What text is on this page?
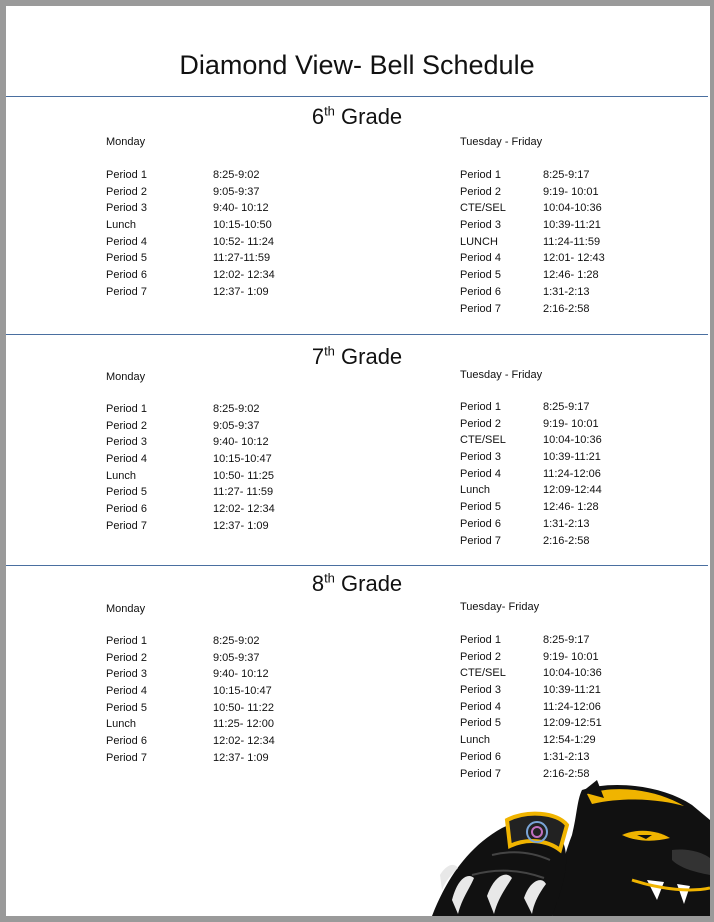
Diamond View- Bell Schedule
6th Grade
Monday	Tuesday - Friday
Period 1	8:25-9:02
Period 2	9:05-9:37
Period 3	9:40- 10:12
Lunch	10:15-10:50
Period 4	10:52- 11:24
Period 5	11:27-11:59
Period 6	12:02- 12:34
Period 7	12:37- 1:09
Period 1	8:25-9:17
Period 2	9:19- 10:01
CTE/SEL	10:04-10:36
Period 3	10:39-11:21
LUNCH	11:24-11:59
Period 4	12:01- 12:43
Period 5	12:46- 1:28
Period 6	1:31-2:13
Period 7	2:16-2:58
7th Grade
Monday	Tuesday - Friday
Period 1	8:25-9:02
Period 2	9:05-9:37
Period 3	9:40- 10:12
Period 4	10:15-10:47
Lunch	10:50- 11:25
Period 5	11:27- 11:59
Period 6	12:02- 12:34
Period 7	12:37- 1:09
Period 1	8:25-9:17
Period 2	9:19- 10:01
CTE/SEL	10:04-10:36
Period 3	10:39-11:21
Period 4	11:24-12:06
Lunch	12:09-12:44
Period 5	12:46- 1:28
Period 6	1:31-2:13
Period 7	2:16-2:58
8th Grade
Monday	Tuesday- Friday
Period 1	8:25-9:02
Period 2	9:05-9:37
Period 3	9:40- 10:12
Period 4	10:15-10:47
Period 5	10:50- 11:22
Lunch	11:25- 12:00
Period 6	12:02- 12:34
Period 7	12:37- 1:09
Period 1	8:25-9:17
Period 2	9:19- 10:01
CTE/SEL	10:04-10:36
Period 3	10:39-11:21
Period 4	11:24-12:06
Period 5	12:09-12:51
Lunch	12:54-1:29
Period 6	1:31-2:13
Period 7	2:16-2:58
